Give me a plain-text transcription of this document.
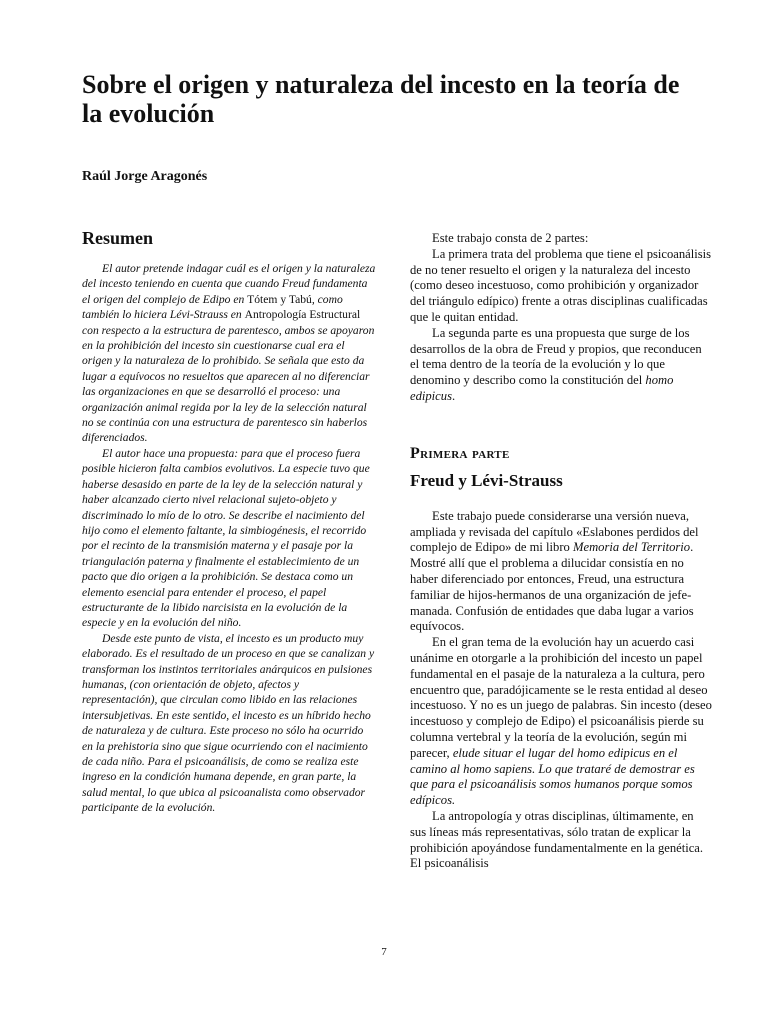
Sobre el origen y naturaleza del incesto en la teoría de la evolución

Raúl Jorge Aragonés

Resumen

El autor pretende indagar cuál es el origen y la naturaleza del incesto teniendo en cuenta que cuando Freud fundamenta el origen del complejo de Edipo en Tótem y Tabú, como también lo hiciera Lévi-Strauss en Antropología Estructural con respecto a la estructura de parentesco, ambos se apoyaron en la prohibición del incesto sin cuestionarse cual era el origen y la naturaleza de lo prohibido. Se señala que esto da lugar a equívocos no resueltos que aparecen al no diferenciar las organizaciones en que se desarrolló el proceso: una organización animal regida por la ley de la selección natural no se continúa con una estructura de parentesco sin haberlos diferenciados.

El autor hace una propuesta: para que el proceso fuera posible hicieron falta cambios evolutivos. La especie tuvo que haberse desasido en parte de la ley de la selección natural y haber alcanzado cierto nivel relacional sujeto-objeto y discriminado lo mío de lo otro. Se describe el nacimiento del hijo como el elemento faltante, la simbiogénesis, el recorrido por el recinto de la transmisión materna y el pasaje por la triangulación paterna y finalmente el establecimiento de un pacto que dio origen a la prohibición. Se destaca como un elemento esencial para entender el proceso, el papel estructurante de la libido narcisista en la evolución de la especie y en la evolución del niño.

Desde este punto de vista, el incesto es un producto muy elaborado. Es el resultado de un proceso en que se canalizan y transforman los instintos territoriales anárquicos en pulsiones humanas, (con orientación de objeto, afectos y representación), que circulan como libido en las relaciones intersubjetivas. En este sentido, el incesto es un híbrido hecho de naturaleza y de cultura. Este proceso no sólo ha ocurrido en la prehistoria sino que sigue ocurriendo con el nacimiento de cada niño. Para el psicoanálisis, de como se realiza este ingreso en la condición humana depende, en gran parte, la salud mental, lo que ubica al psicoanalista como observador participante de la evolución.

Este trabajo consta de 2 partes:

La primera trata del problema que tiene el psicoanálisis de no tener resuelto el origen y la naturaleza del incesto (como deseo incestuoso, como prohibición y organizador del triángulo edípico) frente a otras disciplinas cualificadas que le quitan entidad.

La segunda parte es una propuesta que surge de los desarrollos de la obra de Freud y propios, que reconducen el tema dentro de la teoría de la evolución y lo que denomino y describo como la constitución del homo edipicus.

Primera parte
Freud y Lévi-Strauss

Este trabajo puede considerarse una versión nueva, ampliada y revisada del capítulo «Eslabones perdidos del complejo de Edipo» de mi libro Memoria del Territorio. Mostré allí que el problema a dilucidar consistía en no haber diferenciado por entonces, Freud, una estructura familiar de hijos-hermanos de una organización de jefe-manada. Confusión de entidades que daba lugar a varios equívocos.

En el gran tema de la evolución hay un acuerdo casi unánime en otorgarle a la prohibición del incesto un papel fundamental en el pasaje de la naturaleza a la cultura, pero encuentro que, paradójicamente se le resta entidad al deseo incestuoso. Y no es un juego de palabras. Sin incesto (deseo incestuoso y complejo de Edipo) el psicoanálisis pierde su columna vertebral y la teoría de la evolución, según mi parecer, elude situar el lugar del homo edipicus en el camino al homo sapiens. Lo que trataré de demostrar es que para el psicoanálisis somos humanos porque somos edípicos.

La antropología y otras disciplinas, últimamente, en sus líneas más representativas, sólo tratan de explicar la prohibición apoyándose fundamentalmente en la genética. El psicoanálisis

7
